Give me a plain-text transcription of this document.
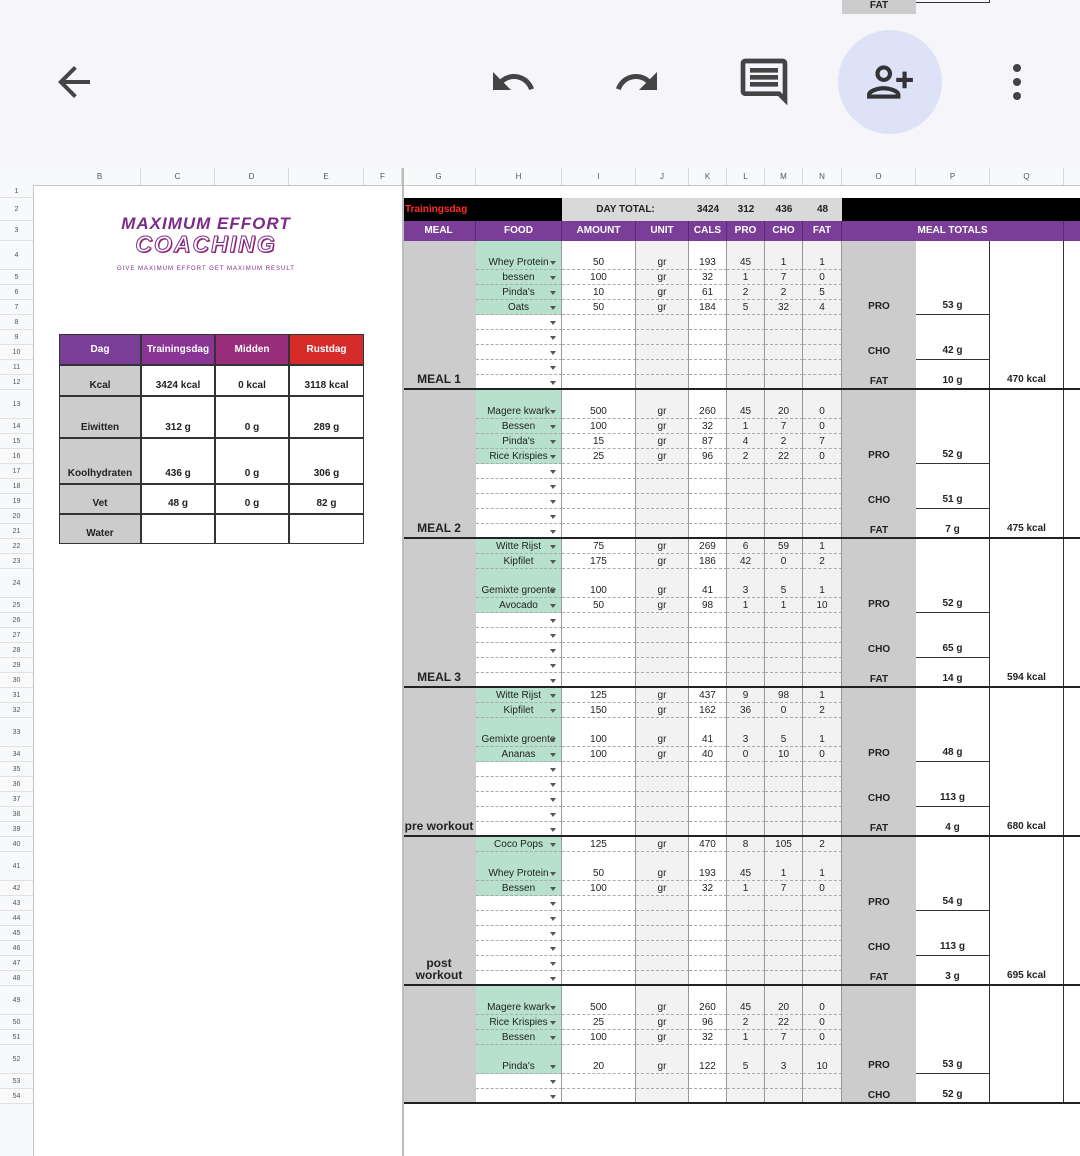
B	C	D	E	F	G	H	I	J	K	L	M	N	O	P	Q
1
2
3
4
5
6
7
8
9
10
11
12
13
14
15
16
17
18
19
20
21
22
23
24
25
26
27
28
29
30
31
32
33
34
35
36
37
38
39
40
41
42
43
44
45
46
47
48
49
50
51
52
53
54
MAXIMUM EFFORT
COACHING
GIVE MAXIMUM EFFORT GET MAXIMUM RESULT
Dag	Trainingsdag	Midden	Rustdag
Kcal	3424 kcal	0 kcal	3118 kcal
Eiwitten	312 g	0 g	289 g
Koolhydraten	436 g	0 g	306 g
Vet	48 g	0 g	82 g
Water
Trainingsdag	DAY TOTAL:	3424	312	436	48
MEAL	FOOD	AMOUNT	UNIT	CALS	PRO	CHO	FAT	MEAL TOTALS
MEAL 1
Whey Protein	50	gr	193	45	1	1
bessen	100	gr	32	1	7	0
Pinda's	10	gr	61	2	2	5
Oats	50	gr	184	5	32	4	PRO	53 g
CHO	42 g
FAT	10 g	470 kcal
MEAL 2
Magere kwark	500	gr	260	45	20	0
Bessen	100	gr	32	1	7	0
Pinda's	15	gr	87	4	2	7
Rice Krispies	25	gr	96	2	22	0	PRO	52 g
CHO	51 g
FAT	7 g	475 kcal
MEAL 3
Witte Rijst	75	gr	269	6	59	1
Kipfilet	175	gr	186	42	0	2
Gemixte groente	100	gr	41	3	5	1
Avocado	50	gr	98	1	1	10	PRO	52 g
CHO	65 g
FAT	14 g	594 kcal
pre workout
Witte Rijst	125	gr	437	9	98	1
Kipfilet	150	gr	162	36	0	2
Gemixte groente	100	gr	41	3	5	1
Ananas	100	gr	40	0	10	0	PRO	48 g
CHO	113 g
FAT	4 g	680 kcal
post workout
Coco Pops	125	gr	470	8	105	2
Whey Protein	50	gr	193	45	1	1
Bessen	100	gr	32	1	7	0
PRO	54 g
CHO	113 g
FAT	3 g	695 kcal
Magere kwark	500	gr	260	45	20	0
Rice Krispies	25	gr	96	2	22	0
Bessen	100	gr	32	1	7	0
Pinda's	20	gr	122	5	3	10	PRO	53 g
CHO	52 g
FAT
